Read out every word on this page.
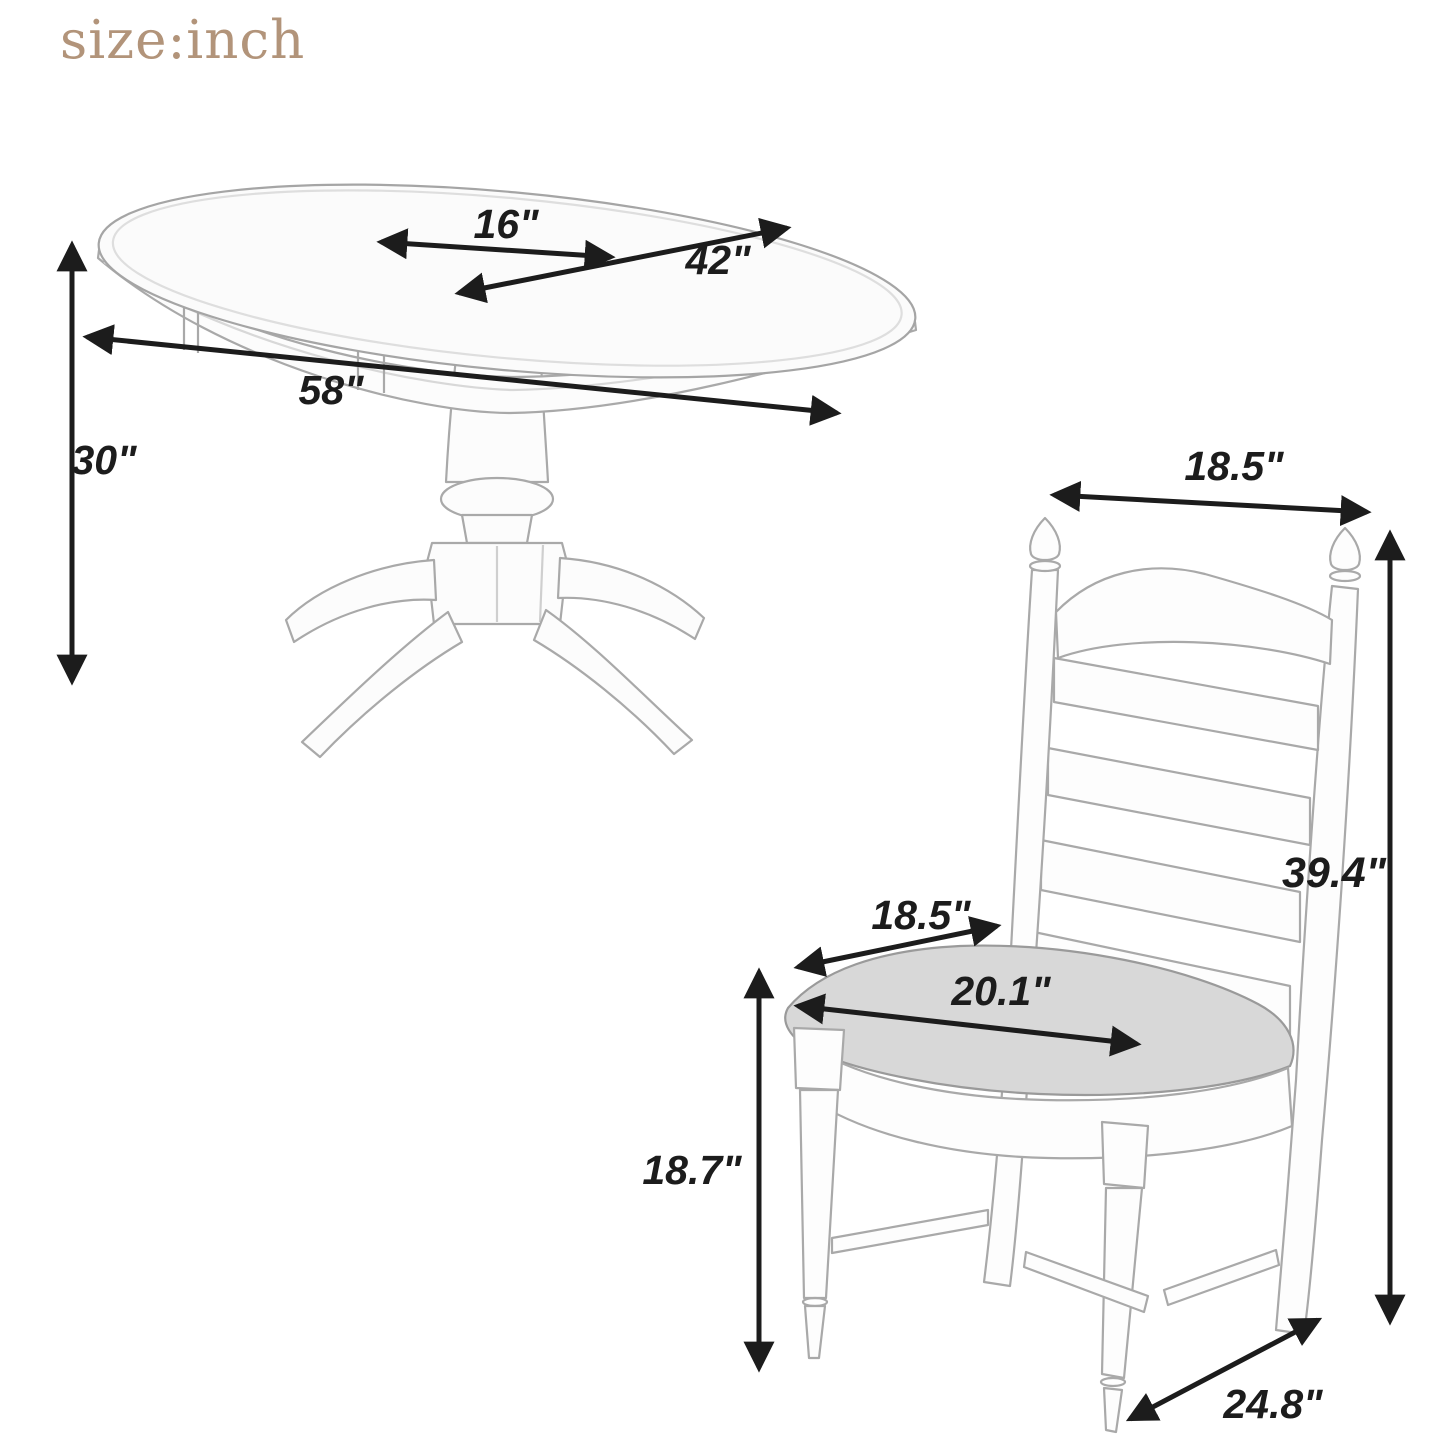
size:inch
16"
42"
58"
30"	18.5"
39.4"
18.5"
20.1"
18.7"
24.8"
